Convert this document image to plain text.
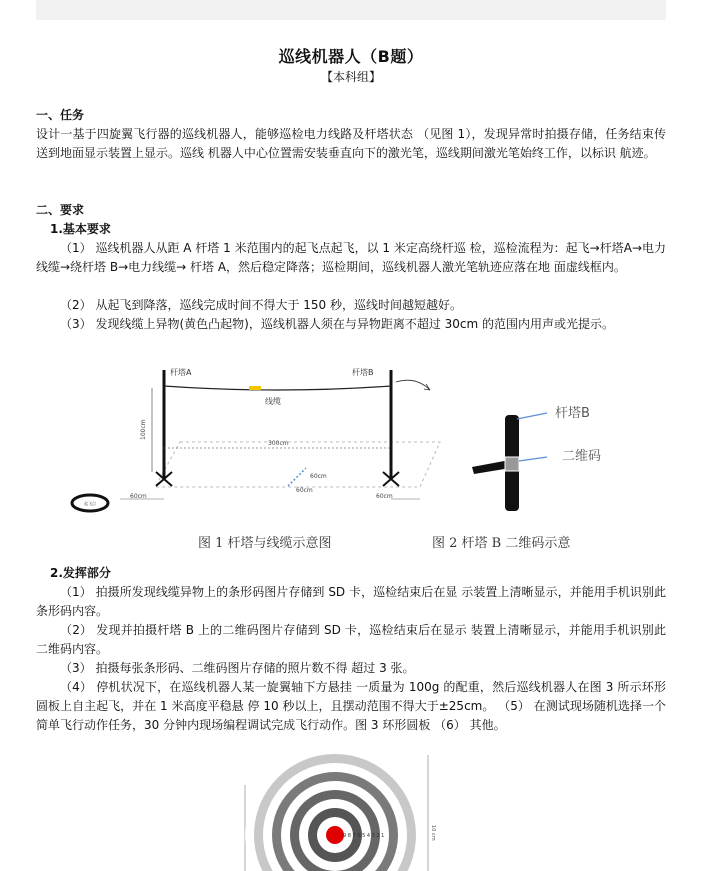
巡线机器人（B题）
【本科组】
一、任务
设计一基于四旋翼飞行器的巡线机器人，能够巡检电力线路及杆塔状态 （见图 1），发现异常时拍摄存储，任务结束传送到地面显示装置上显示。巡线 机器人中心位置需安装垂直向下的激光笔，巡线期间激光笔始终工作，以标识 航迹。
二、要求
1.基本要求
（1） 巡线机器人从距 A 杆塔 1 米范围内的起飞点起飞，以 1 米定高绕杆巡 检，巡检流程为：起飞→杆塔A→电力线缆→绕杆塔 B→电力线缆→ 杆塔 A，然后稳定降落；巡检期间，巡线机器人激光笔轨迹应落在地 面虚线框内。
（2） 从起飞到降落，巡线完成时间不得大于 150 秒，巡线时间越短越好。
（3） 发现线缆上异物(黄色凸起物)，巡线机器人须在与异物距离不超过 30cm 的范围内用声或光提示。
100cm
300cm
60cm
60cm
60cm	60cm
起飞点
杆塔A	杆塔B
线缆
图 1 杆塔与线缆示意图
杆塔B
二维码
图 2 杆塔 B 二维码示意
2.发挥部分
（1） 拍摄所发现线缆异物上的条形码图片存储到 SD 卡，巡检结束后在显 示装置上清晰显示，并能用手机识别此条形码内容。
（2） 发现并拍摄杆塔 B 上的二维码图片存储到 SD 卡，巡检结束后在显示 装置上清晰显示，并能用手机识别此二维码内容。
（3） 拍摄每张条形码、二维码图片存储的照片数不得 超过 3 张。
（4） 停机状况下，在巡线机器人某一旋翼轴下方悬挂 一质量为 100g 的配重，然后巡线机器人在图 3 所示环形圆板上自主起飞，并在 1 米高度平稳悬 停 10 秒以上，且摆动范围不得大于±25cm。 （5） 在测试现场随机选择一个简单飞行动作任务，30 分钟内现场编程调试完成飞行动作。图 3 环形圆板 （6） 其他。
9 8 7 6 5 4 3 2 1	10 cm
